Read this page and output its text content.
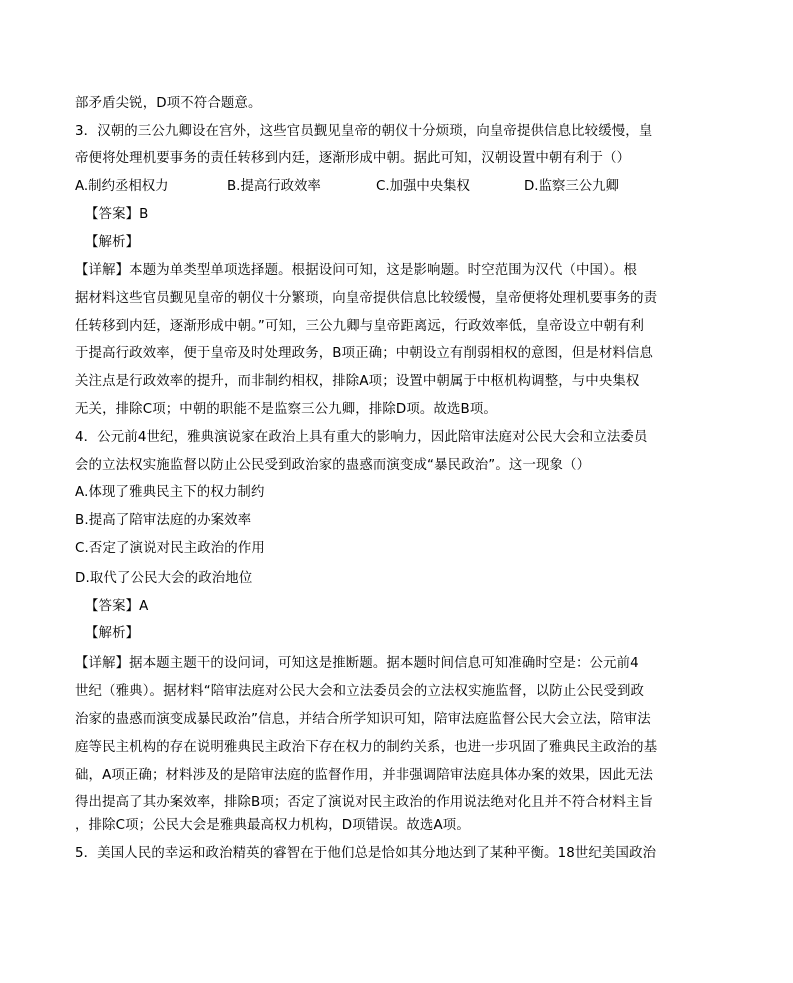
部矛盾尖锐，D项不符合题意。
3．汉朝的三公九卿设在宫外，这些官员觐见皇帝的朝仪十分烦琐，向皇帝提供信息比较缓慢，皇
帝便将处理机要事务的责任转移到内廷，逐渐形成中朝。据此可知，汉朝设置中朝有利于（）
A.制约丞相权力	B.提高行政效率	C.加强中央集权	D.监察三公九卿
【答案】B
【解析】
【详解】本题为单类型单项选择题。根据设问可知，这是影响题。时空范围为汉代（中国）。根
据材料这些官员觐见皇帝的朝仪十分繁琐，向皇帝提供信息比较缓慢，皇帝便将处理机要事务的责
任转移到内廷，逐渐形成中朝。”可知，三公九卿与皇帝距离远，行政效率低，皇帝设立中朝有利
于提高行政效率，便于皇帝及时处理政务，B项正确；中朝设立有削弱相权的意图，但是材料信息
关注点是行政效率的提升，而非制约相权，排除A项；设置中朝属于中枢机构调整，与中央集权
无关，排除C项；中朝的职能不是监察三公九卿，排除D项。故选B项。
4．公元前4世纪，雅典演说家在政治上具有重大的影响力，因此陪审法庭对公民大会和立法委员
会的立法权实施监督以防止公民受到政治家的蛊惑而演变成“暴民政治”。这一现象（）
A.体现了雅典民主下的权力制约
B.提高了陪审法庭的办案效率
C.否定了演说对民主政治的作用
D.取代了公民大会的政治地位
【答案】A
【解析】
【详解】据本题主题干的设问词，可知这是推断题。据本题时间信息可知准确时空是：公元前4
世纪（雅典）。据材料“陪审法庭对公民大会和立法委员会的立法权实施监督，以防止公民受到政
治家的蛊惑而演变成暴民政治”信息，并结合所学知识可知，陪审法庭监督公民大会立法，陪审法
庭等民主机构的存在说明雅典民主政治下存在权力的制约关系，也进一步巩固了雅典民主政治的基
础，A项正确；材料涉及的是陪审法庭的监督作用，并非强调陪审法庭具体办案的效果，因此无法
得出提高了其办案效率，排除B项；否定了演说对民主政治的作用说法绝对化且并不符合材料主旨
，排除C项；公民大会是雅典最高权力机构，D项错误。故选A项。
5．美国人民的幸运和政治精英的睿智在于他们总是恰如其分地达到了某种平衡。18世纪美国政治
